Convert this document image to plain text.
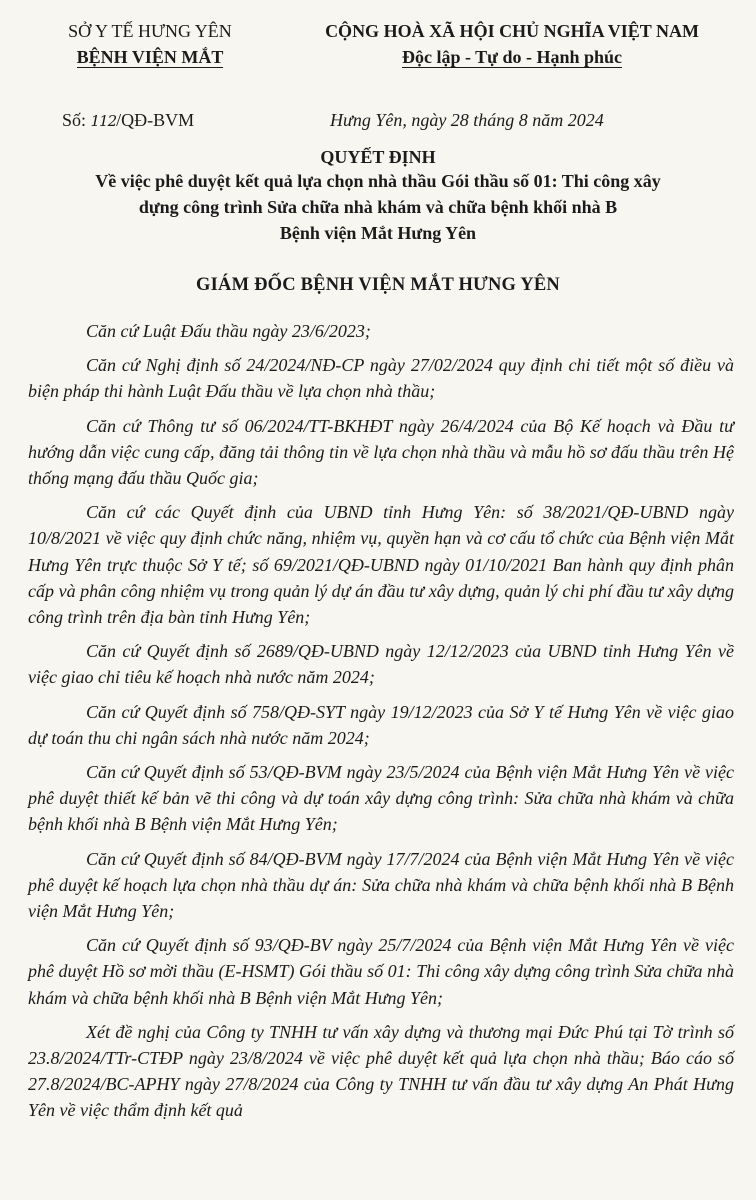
SỞ Y TẾ HƯNG YÊN
BỆNH VIỆN MẮT
CỘNG HOÀ XÃ HỘI CHỦ NGHĨA VIỆT NAM
Độc lập - Tự do - Hạnh phúc
Số: 112/QĐ-BVM	Hưng Yên, ngày 28 tháng 8 năm 2024
QUYẾT ĐỊNH
Về việc phê duyệt kết quả lựa chọn nhà thầu Gói thầu số 01: Thi công xây
dựng công trình Sửa chữa nhà khám và chữa bệnh khối nhà B
Bệnh viện Mắt Hưng Yên
GIÁM ĐỐC BỆNH VIỆN MẮT HƯNG YÊN

Căn cứ Luật Đấu thầu ngày 23/6/2023;

Căn cứ Nghị định số 24/2024/NĐ-CP ngày 27/02/2024 quy định chi tiết một số điều và biện pháp thi hành Luật Đấu thầu về lựa chọn nhà thầu;

Căn cứ Thông tư số 06/2024/TT-BKHĐT ngày 26/4/2024 của Bộ Kế hoạch và Đầu tư hướng dẫn việc cung cấp, đăng tải thông tin về lựa chọn nhà thầu và mẫu hồ sơ đấu thầu trên Hệ thống mạng đấu thầu Quốc gia;

Căn cứ các Quyết định của UBND tỉnh Hưng Yên: số 38/2021/QĐ-UBND ngày 10/8/2021 về việc quy định chức năng, nhiệm vụ, quyền hạn và cơ cấu tổ chức của Bệnh viện Mắt Hưng Yên trực thuộc Sở Y tế; số 69/2021/QĐ-UBND ngày 01/10/2021 Ban hành quy định phân cấp và phân công nhiệm vụ trong quản lý dự án đầu tư xây dựng, quản lý chi phí đầu tư xây dựng công trình trên địa bàn tỉnh Hưng Yên;

Căn cứ Quyết định số 2689/QĐ-UBND ngày 12/12/2023 của UBND tỉnh Hưng Yên về việc giao chỉ tiêu kế hoạch nhà nước năm 2024;

Căn cứ Quyết định số 758/QĐ-SYT ngày 19/12/2023 của Sở Y tế Hưng Yên về việc giao dự toán thu chi ngân sách nhà nước năm 2024;

Căn cứ Quyết định số 53/QĐ-BVM ngày 23/5/2024 của Bệnh viện Mắt Hưng Yên về việc phê duyệt thiết kế bản vẽ thi công và dự toán xây dựng công trình: Sửa chữa nhà khám và chữa bệnh khối nhà B Bệnh viện Mắt Hưng Yên;

Căn cứ Quyết định số 84/QĐ-BVM ngày 17/7/2024 của Bệnh viện Mắt Hưng Yên về việc phê duyệt kế hoạch lựa chọn nhà thầu dự án: Sửa chữa nhà khám và chữa bệnh khối nhà B Bệnh viện Mắt Hưng Yên;

Căn cứ Quyết định số 93/QĐ-BV ngày 25/7/2024 của Bệnh viện Mắt Hưng Yên về việc phê duyệt Hồ sơ mời thầu (E-HSMT) Gói thầu số 01: Thi công xây dựng công trình Sửa chữa nhà khám và chữa bệnh khối nhà B Bệnh viện Mắt Hưng Yên;

Xét đề nghị của Công ty TNHH tư vấn xây dựng và thương mại Đức Phú tại Tờ trình số 23.8/2024/TTr-CTĐP ngày 23/8/2024 về việc phê duyệt kết quả lựa chọn nhà thầu; Báo cáo số 27.8/2024/BC-APHY ngày 27/8/2024 của Công ty TNHH tư vấn đầu tư xây dựng An Phát Hưng Yên về việc thẩm định kết quả
